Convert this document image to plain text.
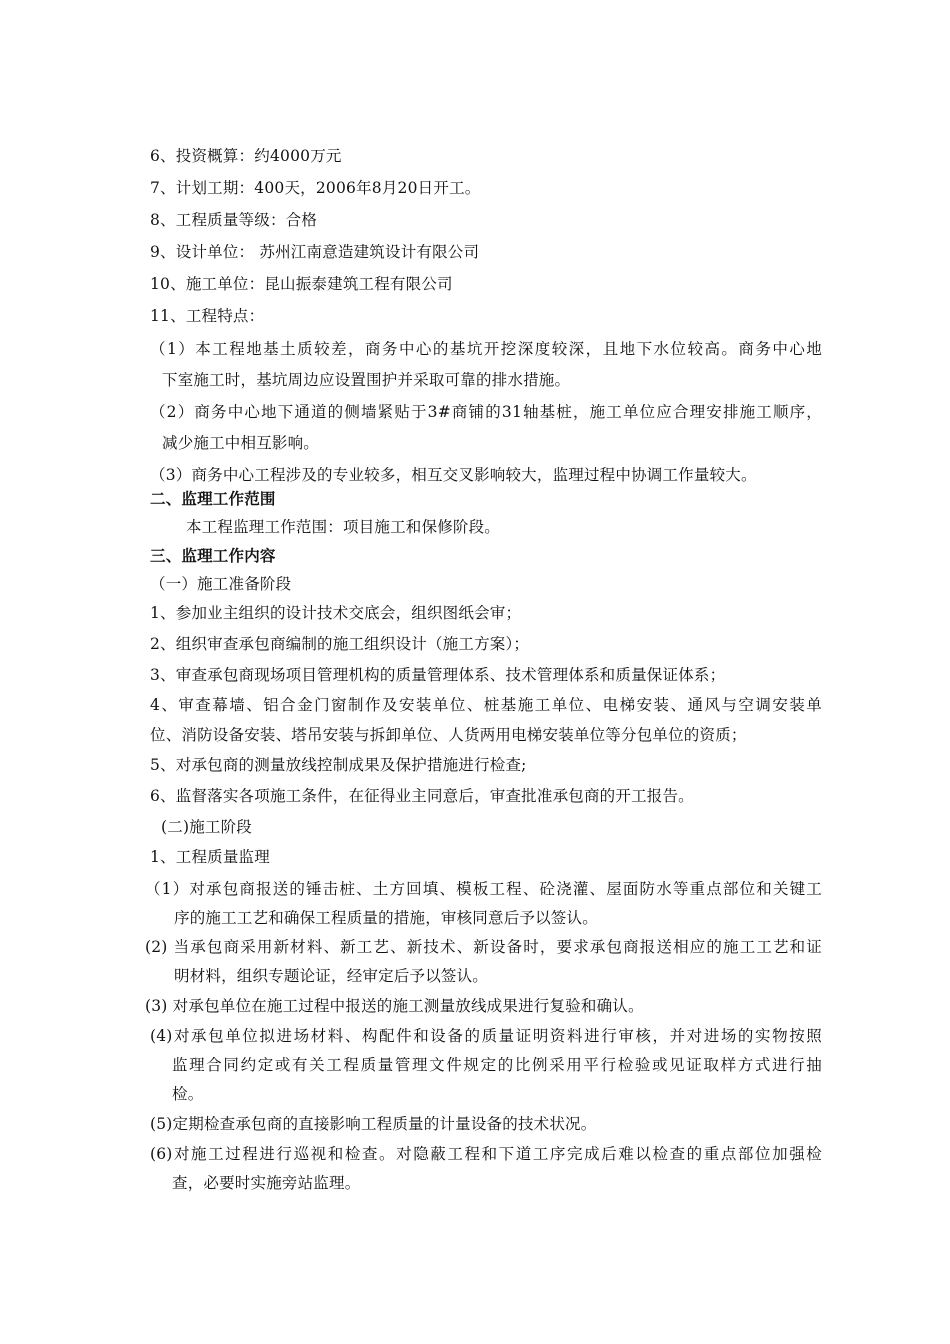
6、投资概算：约4000万元
7、计划工期：400天，2006年8月20日开工。
8、工程质量等级：合格
9、设计单位： 苏州江南意造建筑设计有限公司
10、施工单位：昆山振泰建筑工程有限公司
11、工程特点：
（1）本工程地基土质较差，商务中心的基坑开挖深度较深，且地下水位较高。商务中心地
下室施工时，基坑周边应设置围护并采取可靠的排水措施。
（2）商务中心地下通道的侧墙紧贴于3#商铺的31轴基桩，施工单位应合理安排施工顺序，
减少施工中相互影响。
（3）商务中心工程涉及的专业较多，相互交叉影响较大，监理过程中协调工作量较大。
二、监理工作范围
本工程监理工作范围：项目施工和保修阶段。
三、监理工作内容
（一）施工准备阶段
1、参加业主组织的设计技术交底会，组织图纸会审；
2、组织审查承包商编制的施工组织设计（施工方案）；
3、审查承包商现场项目管理机构的质量管理体系、技术管理体系和质量保证体系；
4、审查幕墙、铝合金门窗制作及安装单位、桩基施工单位、电梯安装、通风与空调安装单
位、消防设备安装、塔吊安装与拆卸单位、人货两用电梯安装单位等分包单位的资质；
5、对承包商的测量放线控制成果及保护措施进行检查;
6、监督落实各项施工条件，在征得业主同意后，审查批准承包商的开工报告。
(二)施工阶段
1、工程质量监理
（1）对承包商报送的锤击桩、土方回填、模板工程、砼浇灌、屋面防水等重点部位和关键工
序的施工工艺和确保工程质量的措施，审核同意后予以签认。
(2) 当承包商采用新材料、新工艺、新技术、新设备时，要求承包商报送相应的施工工艺和证
明材料，组织专题论证，经审定后予以签认。
(3) 对承包单位在施工过程中报送的施工测量放线成果进行复验和确认。
(4)对承包单位拟进场材料、构配件和设备的质量证明资料进行审核，并对进场的实物按照
监理合同约定或有关工程质量管理文件规定的比例采用平行检验或见证取样方式进行抽
检。
(5)定期检查承包商的直接影响工程质量的计量设备的技术状况。
(6)对施工过程进行巡视和检查。对隐蔽工程和下道工序完成后难以检查的重点部位加强检
查，必要时实施旁站监理。
